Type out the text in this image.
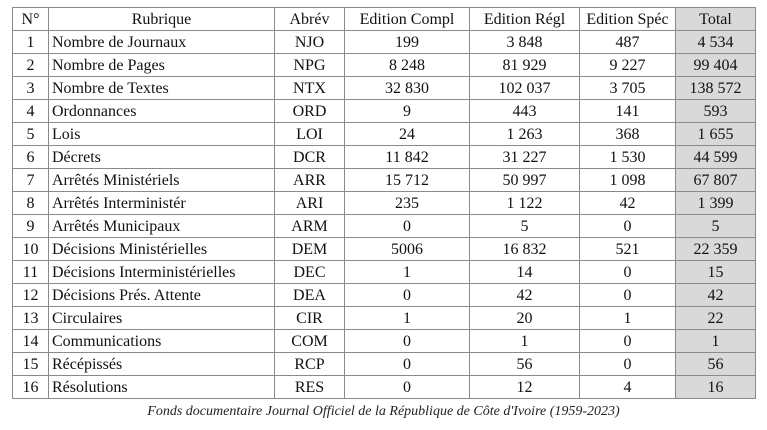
N°	Rubrique	Abrév	Edition Compl	Edition Régl	Edition Spéc	Total
1	Nombre de Journaux	NJO	199	3 848	487	4 534
2	Nombre de Pages	NPG	8 248	81 929	9 227	99 404
3	Nombre de Textes	NTX	32 830	102 037	3 705	138 572
4	Ordonnances	ORD	9	443	141	593
5	Lois	LOI	24	1 263	368	1 655
6	Décrets	DCR	11 842	31 227	1 530	44 599
7	Arrêtés Ministériels	ARR	15 712	50 997	1 098	67 807
8	Arrêtés Interministér	ARI	235	1 122	42	1 399
9	Arrêtés Municipaux	ARM	0	5	0	5
10	Décisions Ministérielles	DEM	5006	16 832	521	22 359
11	Décisions Interministérielles	DEC	1	14	0	15
12	Décisions Prés. Attente	DEA	0	42	0	42
13	Circulaires	CIR	1	20	1	22
14	Communications	COM	0	1	0	1
15	Récépissés	RCP	0	56	0	56
16	Résolutions	RES	0	12	4	16
Fonds documentaire Journal Officiel de la République de Côte d'Ivoire (1959-2023)
